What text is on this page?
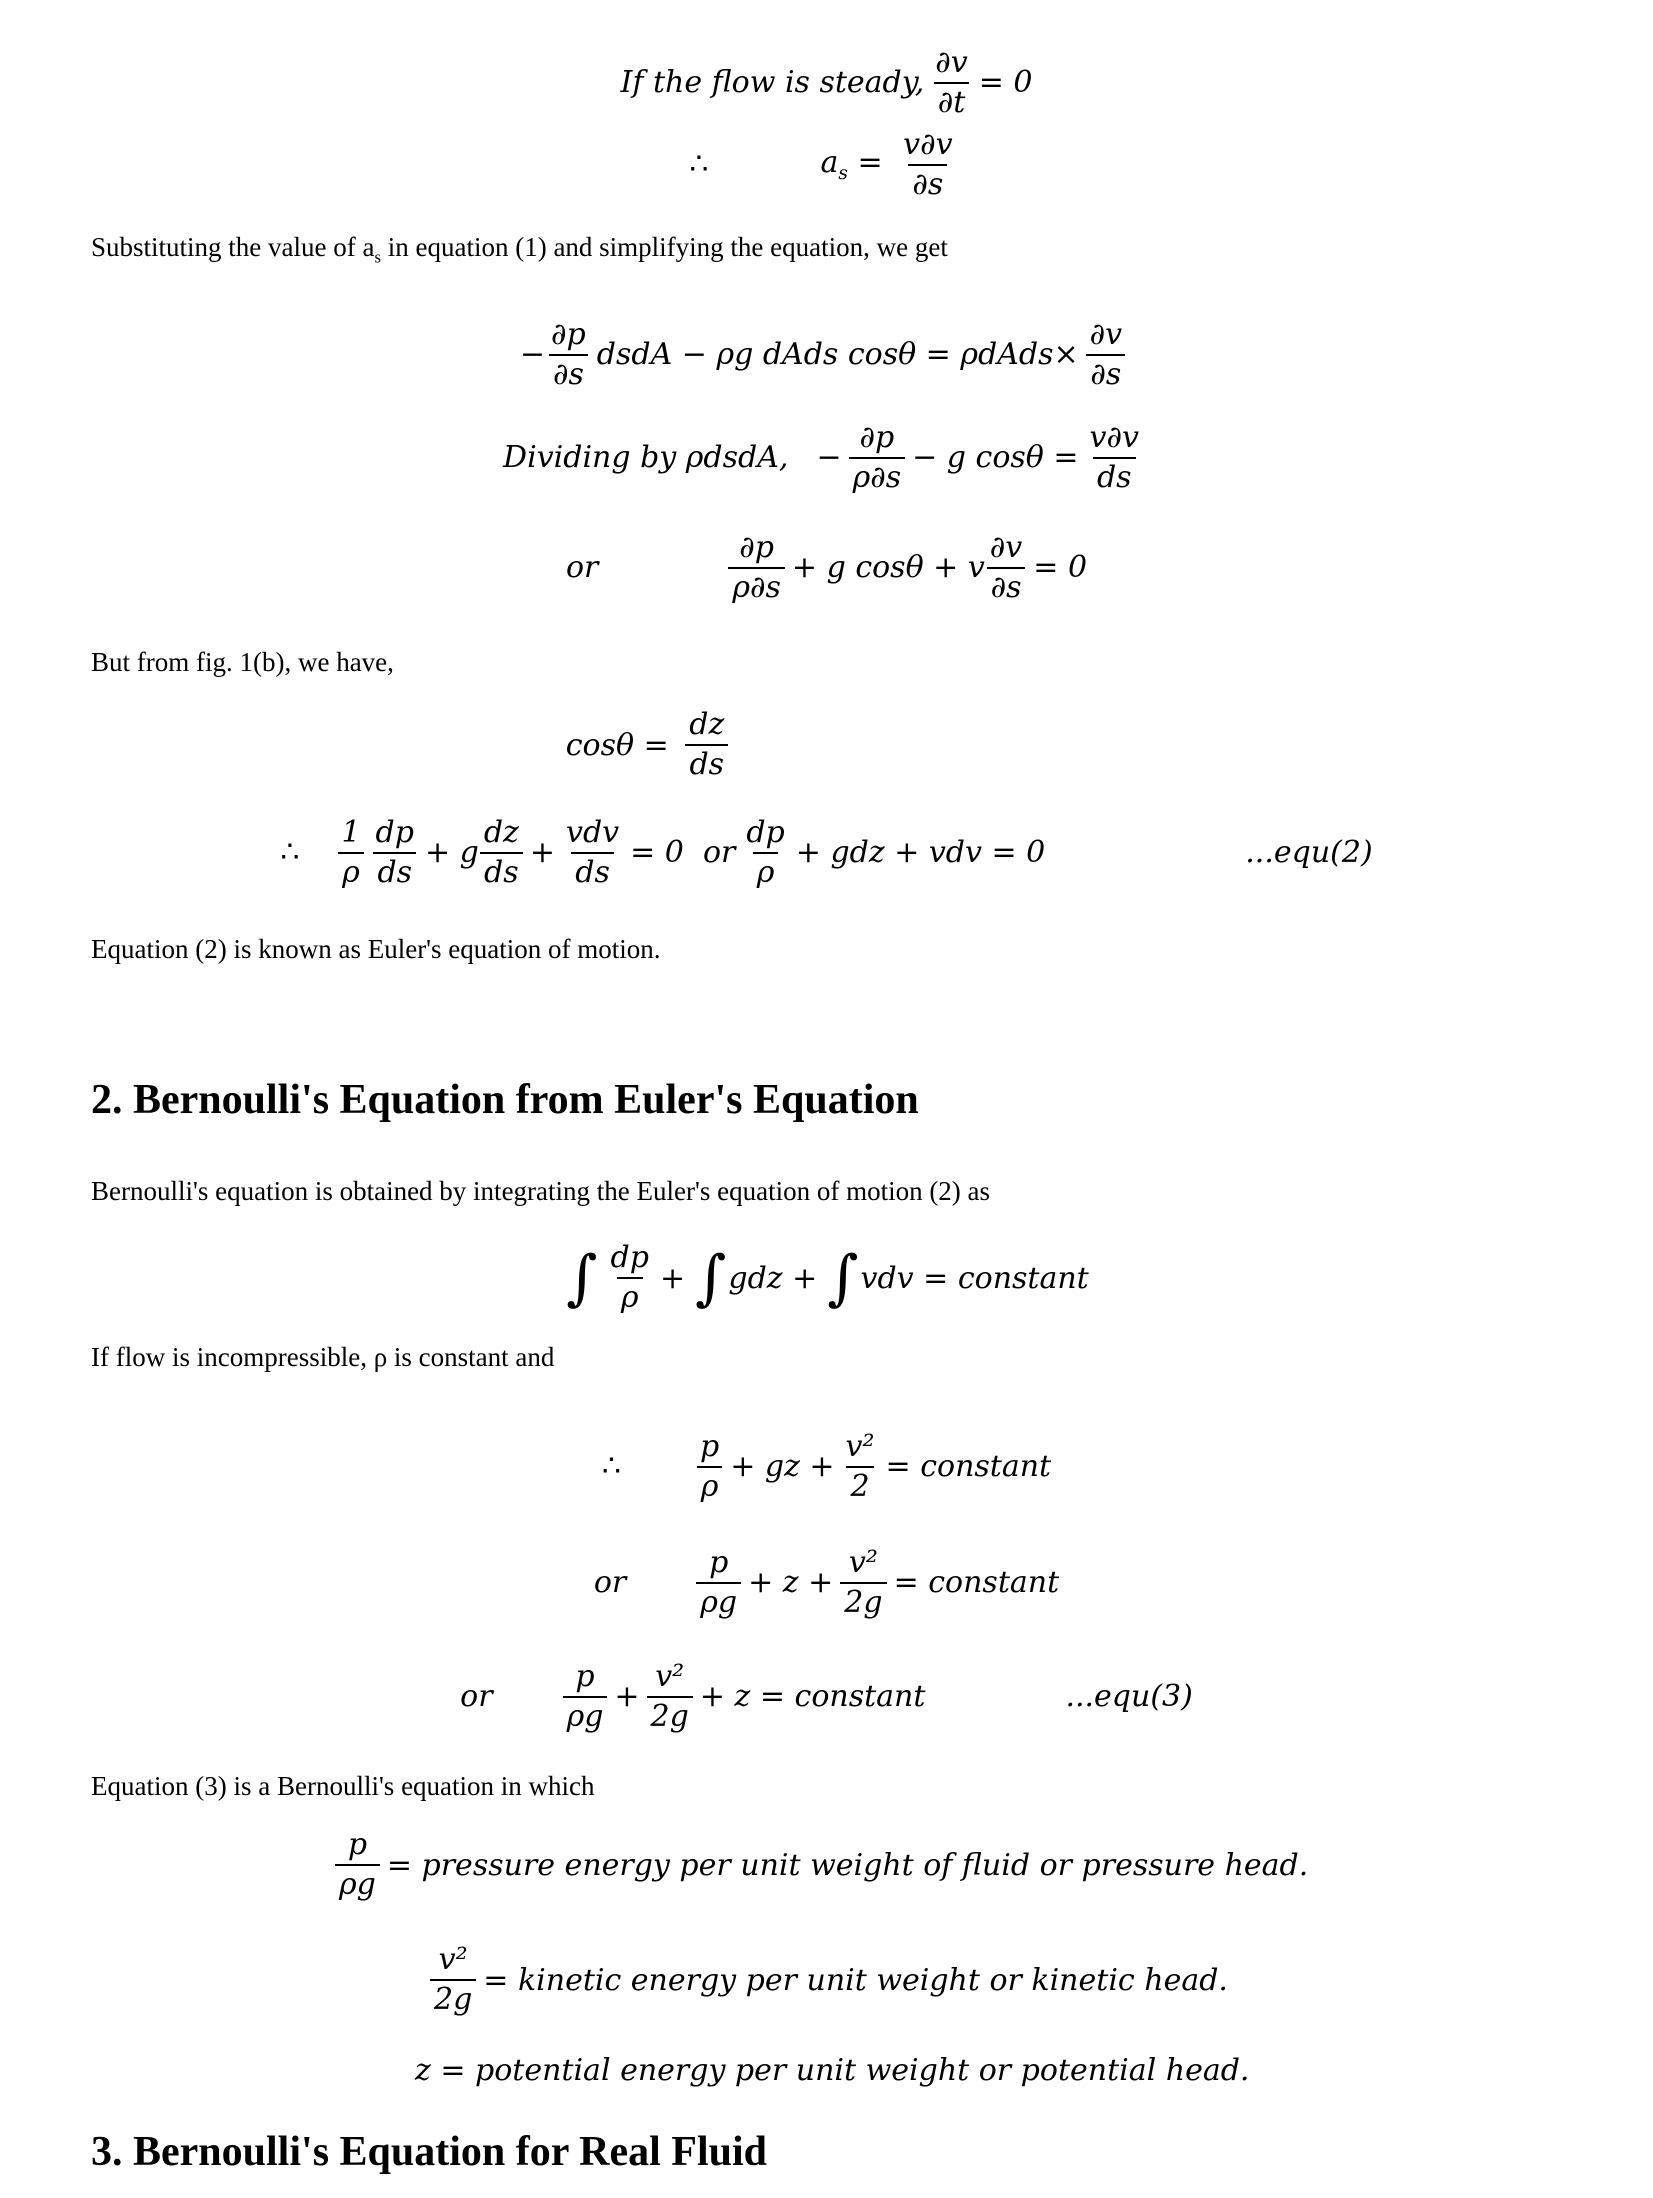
If the flow is steady, $\frac{\partial v}{\partial t} = 0$
∴	$a_s = \frac{v\partial v}{\partial s}$
Substituting the value of $a_s$ in equation (1) and simplifying the equation, we get
− $\frac{\partial p}{\partial s}$ dsdA − ρg dAds cosθ = ρdAds× $\frac{\partial v}{\partial s}$
Dividing by ρdsdA, − $\frac{\partial p}{\rho\partial s} - g$ $\cos\theta = \frac{v\partial v}{ds}$
or	$\frac{\partial p}{\rho\partial s} + g$ cosθ + v $\frac{\partial v}{\partial s} = 0$
But from fig. 1(b), we have,
$\cos\theta = \frac{dz}{ds}$
∴ $\frac{1}{\rho} \frac{dp}{ds} + g \frac{dz}{ds} + \frac{\text{vdv}}{ds} = 0$  or $\frac{dp}{\rho}$ + gdz + vdv = 0	...equ(2)
Equation (2) is known as Euler's equation of motion.
2. Bernoulli's Equation from Euler's Equation
Bernoulli's equation is obtained by integrating the Euler's equation of motion (2) as
∫ $\frac{dp}{\rho}$ + ∫ gdz + ∫ vdv = constant
If flow is incompressible, ρ is constant and
∴	$\frac{p}{\rho}$ + gz + $\frac{\text{v²}}{2}$ = constant
or $\frac{p}{\rho g} + z + \frac{\text{v²}}{2g}$ = constant
or $\frac{p}{\rho g} + \frac{\text{v²}}{2g} + z$ = constant	...equ(3)
Equation (3) is a Bernoulli's equation in which
$\frac{p}{\rho g}$ = pressure energy per unit weight of fluid or pressure head.
$\frac{\text{v²}}{2g}$ = kinetic energy per unit weight or kinetic head.
z = potential energy per unit weight or potential head.
3. Bernoulli's Equation for Real Fluid
